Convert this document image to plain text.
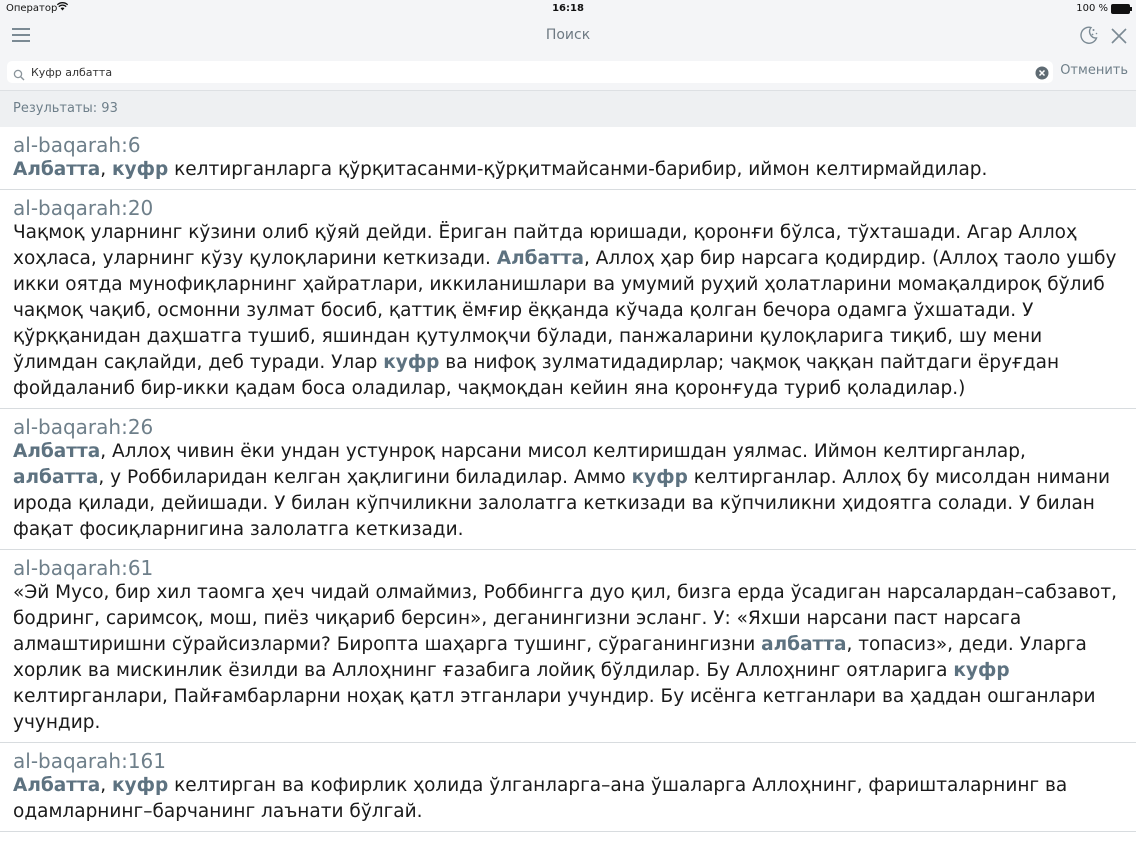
Оператор	16:18	100 %
Поиск
Куфр албатта
Отменить
Результаты: 93
al-baqarah:6
Албатта, куфр келтирганларга қўрқитасанми-қўрқитмайсанми-барибир, иймон келтирмайдилар.
al-baqarah:20
Чақмоқ уларнинг кўзини олиб қўяй дейди. Ёриган пайтда юришади, қоронғи бўлса, тўхташади. Агар Аллоҳ хоҳласа, уларнинг кўзу қулоқларини кеткизади. Албатта, Аллоҳ ҳар бир нарсага қодирдир. (Аллоҳ таоло ушбу икки оятда мунофиқларнинг ҳайратлари, иккиланишлари ва умумий руҳий ҳолатларини момақалдироқ бўлиб чақмоқ чақиб, осмонни зулмат босиб, қаттиқ ёмғир ёққанда кўчада қолган бечора одамга ўхшатади. У қўрққанидан даҳшатга тушиб, яшиндан қутулмоқчи бўлади, панжаларини қулоқларига тиқиб, шу мени ўлимдан сақлайди, деб туради. Улар куфр ва нифоқ зулматидадирлар; чақмоқ чаққан пайтдаги ёруғдан фойдаланиб бир-икки қадам боса оладилар, чақмоқдан кейин яна қоронғуда туриб қоладилар.)
al-baqarah:26
Албатта, Аллоҳ чивин ёки ундан устунроқ нарсани мисол келтиришдан уялмас. Иймон келтирганлар, албатта, у Роббиларидан келган ҳақлигини биладилар. Аммо куфр келтирганлар. Аллоҳ бу мисолдан нимани ирода қилади, дейишади. У билан кўпчиликни залолатга кеткизади ва кўпчиликни ҳидоятга солади. У билан фақат фосиқларнигина залолатга кеткизади.
al-baqarah:61
«Эй Мусо, бир хил таомга ҳеч чидай олмаймиз, Роббингга дуо қил, бизга ерда ўсадиган нарсалардан–сабзавот, бодринг, саримсоқ, мош, пиёз чиқариб берсин», деганингизни эсланг. У: «Яхши нарсани паст нарсага алмаштиришни сўрайсизларми? Биропта шаҳарга тушинг, сўраганингизни албатта, топасиз», деди. Уларга хорлик ва мискинлик ёзилди ва Аллоҳнинг ғазабига лойиқ бўлдилар. Бу Аллоҳнинг оятларига куфр келтирганлари, Пайғамбарларни ноҳақ қатл этганлари учундир. Бу исёнга кетганлари ва ҳаддан ошганлари учундир.
al-baqarah:161
Албатта, куфр келтирган ва кофирлик ҳолида ўлганларга–ана ўшаларга Аллоҳнинг, фариштaларнинг ва одамларнинг–барчанинг лаънати бўлгай.
